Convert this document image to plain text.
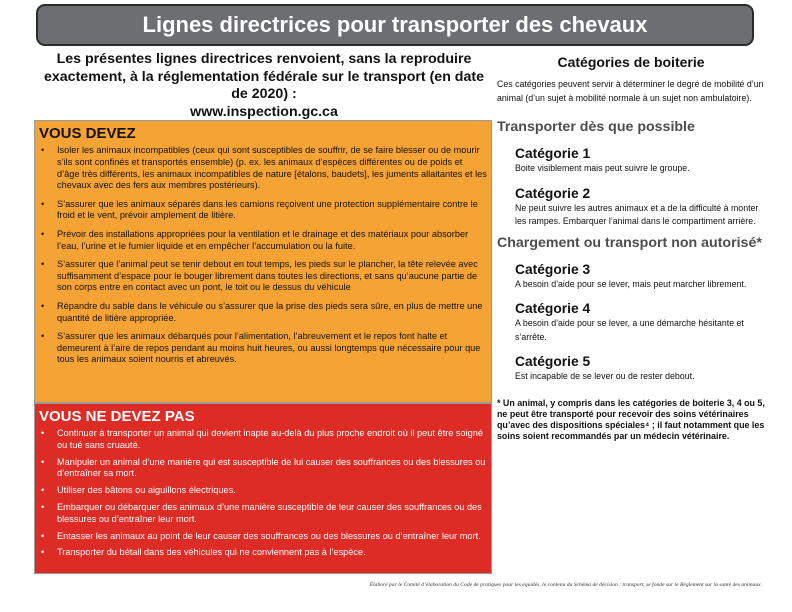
Lignes directrices pour transporter des chevaux
Les présentes lignes directrices renvoient, sans la reproduire exactement, à la réglementation fédérale sur le transport (en date de 2020) :
www.inspection.gc.ca
VOUS DEVEZ
• Isoler les animaux incompatibles (ceux qui sont susceptibles de souffrir, de se faire blesser ou de mourir s’ils sont confinés et transportés ensemble) (p. ex. les animaux d’espèces différentes ou de poids et d’âge très différents, les animaux incompatibles de nature [étalons, baudets], les juments allaitantes et les chevaux avec des fers aux membres postérieurs).
• S’assurer que les animaux séparés dans les camions reçoivent une protection supplémentaire contre le froid et le vent, prévoir amplement de litière.
• Prévoir des installations appropriées pour la ventilation et le drainage et des matériaux pour absorber l’eau, l’urine et le fumier liquide et en empêcher l’accumulation ou la fuite.
• S’assurer que l’animal peut se tenir debout en tout temps, les pieds sur le plancher, la tête relevée avec suffisamment d’espace pour le bouger librement dans toutes les directions, et sans qu’aucune partie de son corps entre en contact avec un pont, le toit ou le dessus du véhicule
• Répandre du sable dans le véhicule ou s’assurer que la prise des pieds sera sûre, en plus de mettre une quantité de litière appropriée.
• S’assurer que les animaux débarqués pour l’alimentation, l’abreuvement et le repos font halte et demeurent à l’aire de repos pendant au moins huit heures, ou aussi longtemps que nécessaire pour que tous les animaux soient nourris et abreuvés.
VOUS NE DEVEZ PAS
• Continuer à transporter un animal qui devient inapte au-delà du plus proche endroit où il peut être soigné ou tué sans cruauté.
• Manipuler un animal d’une manière qui est susceptible de lui causer des souffrances ou des blessures ou d’entraîner sa mort.
• Utiliser des bâtons ou aiguillons électriques.
• Embarquer ou débarquer des animaux d’une manière susceptible de leur causer des souffrances ou des blessures ou d’entraîner leur mort.
• Entasser les animaux au point de leur causer des souffrances ou des blessures ou d’entraîner leur mort.
• Transporter du bétail dans des véhicules qui ne conviennent pas à l’espèce.
Catégories de boiterie
Ces catégories peuvent servir à déterminer le degré de mobilité d’un animal (d’un sujet à mobilité normale à un sujet non ambulatoire).
Transporter dès que possible
Catégorie 1
Boite visiblement mais peut suivre le groupe.
Catégorie 2
Ne peut suivre les autres animaux et a de la difficulté à monter les rampes. Embarquer l’animal dans le compartiment arrière.
Chargement ou transport non autorisé*
Catégorie 3
A besoin d’aide pour se lever, mais peut marcher librement.
Catégorie 4
A besoin d’aide pour se lever, a une démarche hésitante et s’arrête.
Catégorie 5
Est incapable de se lever ou de rester debout.
* Un animal, y compris dans les catégories de boiterie 3, 4 ou 5, ne peut être transporté pour recevoir des soins vétérinaires qu’avec des dispositions spéciales⁴ ; il faut notamment que les soins soient recommandés par un médecin vétérinaire.
Élaboré par le Comité d’élaboration du Code de pratiques pour les équidés, le contenu du Schéma de décision : transport, se fonde sur le Règlement sur la santé des animaux.
